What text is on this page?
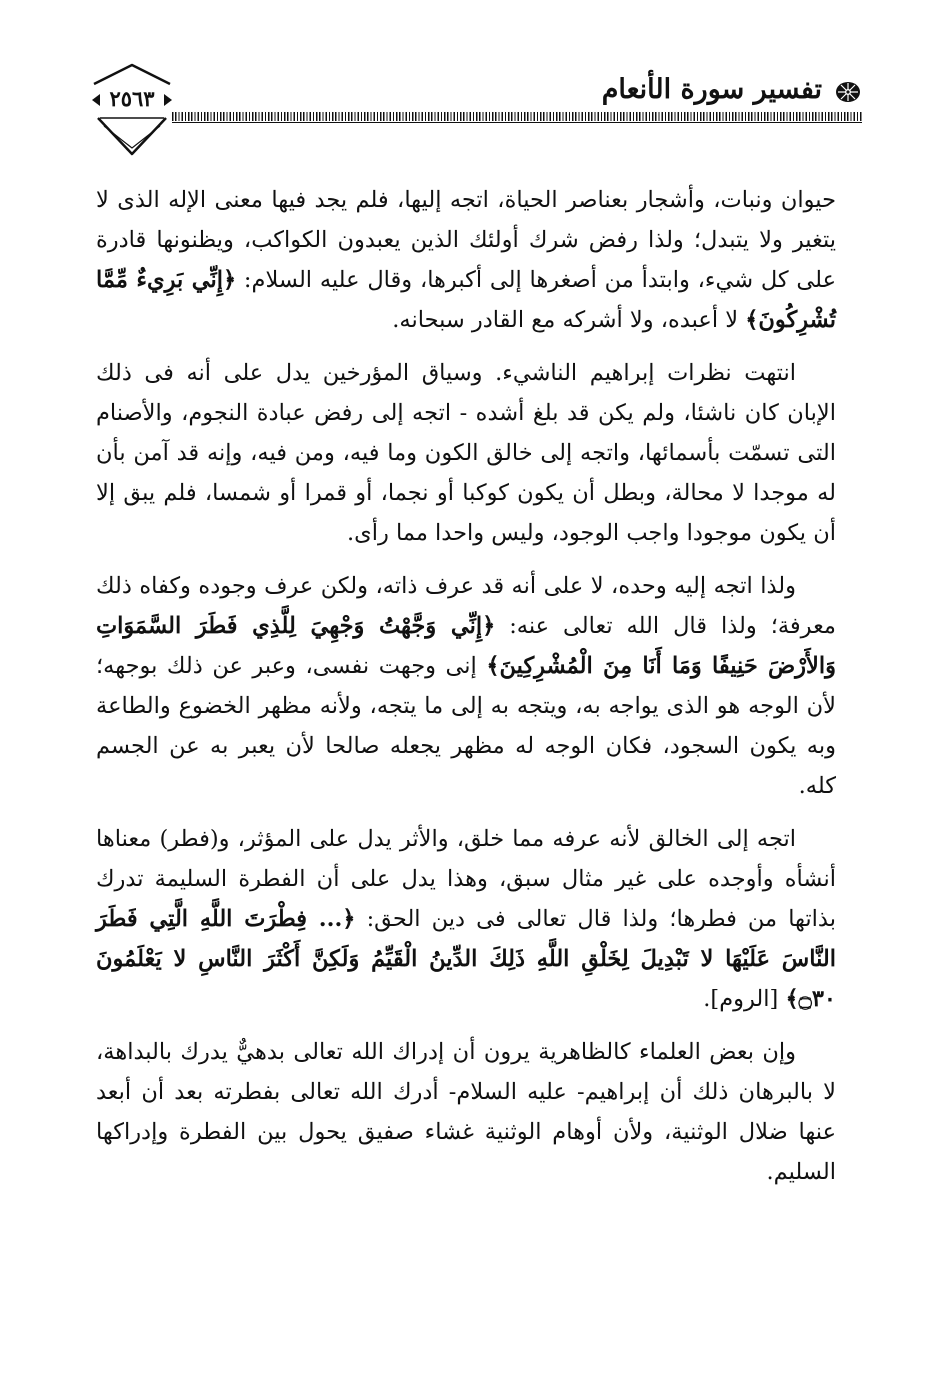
تفسير سورة الأنعام
٢٥٦٣

حيوان ونبات، وأشجار بعناصر الحياة، اتجه إليها، فلم يجد فيها معنى الإله الذى لا يتغير ولا يتبدل؛ ولذا رفض شرك أولئك الذين يعبدون الكواكب، ويظنونها قادرة على كل شيء، وابتدأ من أصغرها إلى أكبرها، وقال عليه السلام: ﴿إِنِّي بَرِيءٌ مِّمَّا تُشْرِكُونَ﴾ لا أعبده، ولا أشركه مع القادر سبحانه.

انتهت نظرات إبراهيم الناشيء. وسياق المؤرخين يدل على أنه فى ذلك الإبان كان ناشئا، ولم يكن قد بلغ أشده - اتجه إلى رفض عبادة النجوم، والأصنام التى تسمّت بأسمائها، واتجه إلى خالق الكون وما فيه، ومن فيه، وإنه قد آمن بأن له موجدا لا محالة، وبطل أن يكون كوكبا أو نجما، أو قمرا أو شمسا، فلم يبق إلا أن يكون موجودا واجب الوجود، وليس واحدا مما رأى.

ولذا اتجه إليه وحده، لا على أنه قد عرف ذاته، ولكن عرف وجوده وكفاه ذلك معرفة؛ ولذا قال الله تعالى عنه: ﴿إِنِّي وَجَّهْتُ وَجْهِيَ لِلَّذِي فَطَرَ السَّمَوَاتِ وَالأَرْضَ حَنِيفًا وَمَا أَنَا مِنَ الْمُشْرِكِينَ﴾ إنى وجهت نفسى، وعبر عن ذلك بوجهه؛ لأن الوجه هو الذى يواجه به، ويتجه به إلى ما يتجه، ولأنه مظهر الخضوع والطاعة وبه يكون السجود، فكان الوجه له مظهر يجعله صالحا لأن يعبر به عن الجسم كله.

اتجه إلى الخالق لأنه عرفه مما خلق، والأثر يدل على المؤثر، و(فطر) معناها أنشأه وأوجده على غير مثال سبق، وهذا يدل على أن الفطرة السليمة تدرك بذاتها من فطرها؛ ولذا قال تعالى فى دين الحق: ﴿... فِطْرَتَ اللَّهِ الَّتِي فَطَرَ النَّاسَ عَلَيْهَا لا تَبْدِيلَ لِخَلْقِ اللَّهِ ذَلِكَ الدِّينُ الْقَيِّمُ وَلَكِنَّ أَكْثَرَ النَّاسِ لا يَعْلَمُونَ ۝٣٠﴾ [الروم].

وإن بعض العلماء كالظاهرية يرون أن إدراك الله تعالى بدهيٌّ يدرك بالبداهة، لا بالبرهان ذلك أن إبراهيم- عليه السلام- أدرك الله تعالى بفطرته بعد أن أبعد عنها ضلال الوثنية، ولأن أوهام الوثنية غشاء صفيق يحول بين الفطرة وإدراكها السليم.
